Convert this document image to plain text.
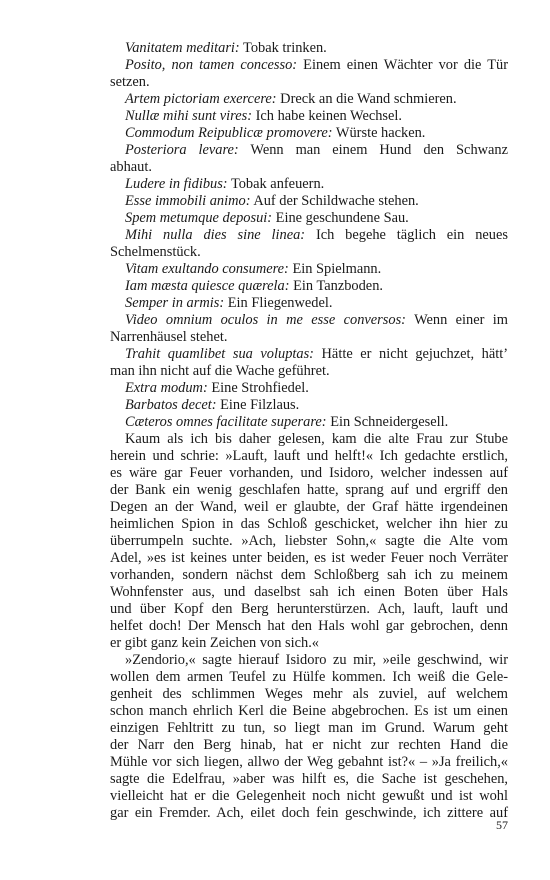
Vanitatem meditari: Tobak trinken.
Posito, non tamen concesso: Einem einen Wächter vor die Tür
setzen.
Artem pictoriam exercere: Dreck an die Wand schmieren.
Nullæ mihi sunt vires: Ich habe keinen Wechsel.
Commodum Reipublicæ promovere: Würste hacken.
Posteriora levare: Wenn man einem Hund den Schwanz
abhaut.
Ludere in fidibus: Tobak anfeuern.
Esse immobili animo: Auf der Schildwache stehen.
Spem metumque deposui: Eine geschundene Sau.
Mihi nulla dies sine linea: Ich begehe täglich ein neues
Schelmenstück.
Vitam exultando consumere: Ein Spielmann.
Iam mæsta quiesce quærela: Ein Tanzboden.
Semper in armis: Ein Fliegenwedel.
Video omnium oculos in me esse conversos: Wenn einer im
Narrenhäusel stehet.
Trahit quamlibet sua voluptas: Hätte er nicht gejuchzet, hätt’
man ihn nicht auf die Wache geführet.
Extra modum: Eine Strohfiedel.
Barbatos decet: Eine Filzlaus.
Cæteros omnes facilitate superare: Ein Schneidergesell.
Kaum als ich bis daher gelesen, kam die alte Frau zur Stube
herein und schrie: »Lauft, lauft und helft!« Ich gedachte erstlich,
es wäre gar Feuer vorhanden, und Isidoro, welcher indessen auf
der Bank ein wenig geschlafen hatte, sprang auf und ergriff den
Degen an der Wand, weil er glaubte, der Graf hätte irgendeinen
heimlichen Spion in das Schloß geschicket, welcher ihn hier zu
überrumpeln suchte. »Ach, liebster Sohn,« sagte die Alte vom
Adel, »es ist keines unter beiden, es ist weder Feuer noch Verräter
vorhanden, sondern nächst dem Schloßberg sah ich zu meinem
Wohnfenster aus, und daselbst sah ich einen Boten über Hals
und über Kopf den Berg herunterstürzen. Ach, lauft, lauft und
helfet doch! Der Mensch hat den Hals wohl gar gebrochen, denn
er gibt ganz kein Zeichen von sich.«
»Zendorio,« sagte hierauf Isidoro zu mir, »eile geschwind, wir
wollen dem armen Teufel zu Hülfe kommen. Ich weiß die Gele-
genheit des schlimmen Weges mehr als zuviel, auf welchem
schon manch ehrlich Kerl die Beine abgebrochen. Es ist um einen
einzigen Fehltritt zu tun, so liegt man im Grund. Warum geht
der Narr den Berg hinab, hat er nicht zur rechten Hand die
Mühle vor sich liegen, allwo der Weg gebahnt ist?« – »Ja freilich,«
sagte die Edelfrau, »aber was hilft es, die Sache ist geschehen,
vielleicht hat er die Gelegenheit noch nicht gewußt und ist wohl
gar ein Fremder. Ach, eilet doch fein geschwinde, ich zittere auf
57
